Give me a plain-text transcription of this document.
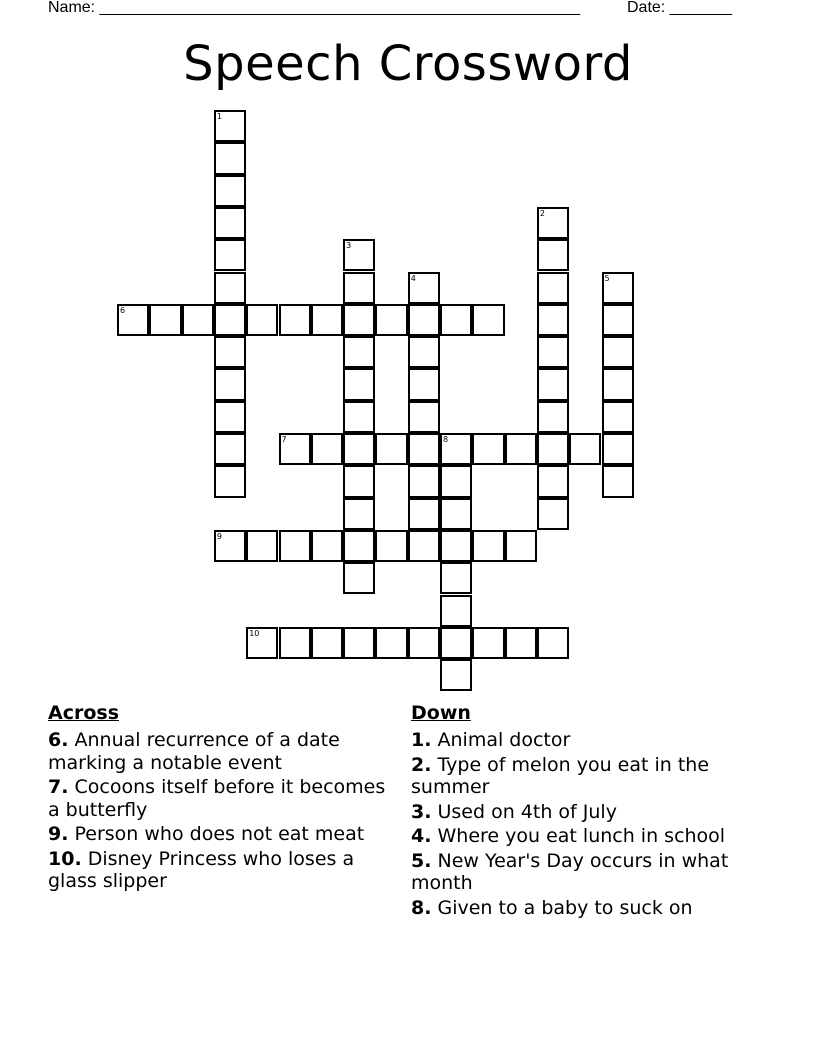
Name: ______________________________________________________	Date: _______
Speech Crossword
1
2
3
4	5
6
7	8
9
10
Across
6. Annual recurrence of a date marking a notable event
7. Cocoons itself before it becomes a butterfly
9. Person who does not eat meat
10. Disney Princess who loses a glass slipper
Down
1. Animal doctor
2. Type of melon you eat in the summer
3. Used on 4th of July
4. Where you eat lunch in school
5. New Year's Day occurs in what month
8. Given to a baby to suck on
